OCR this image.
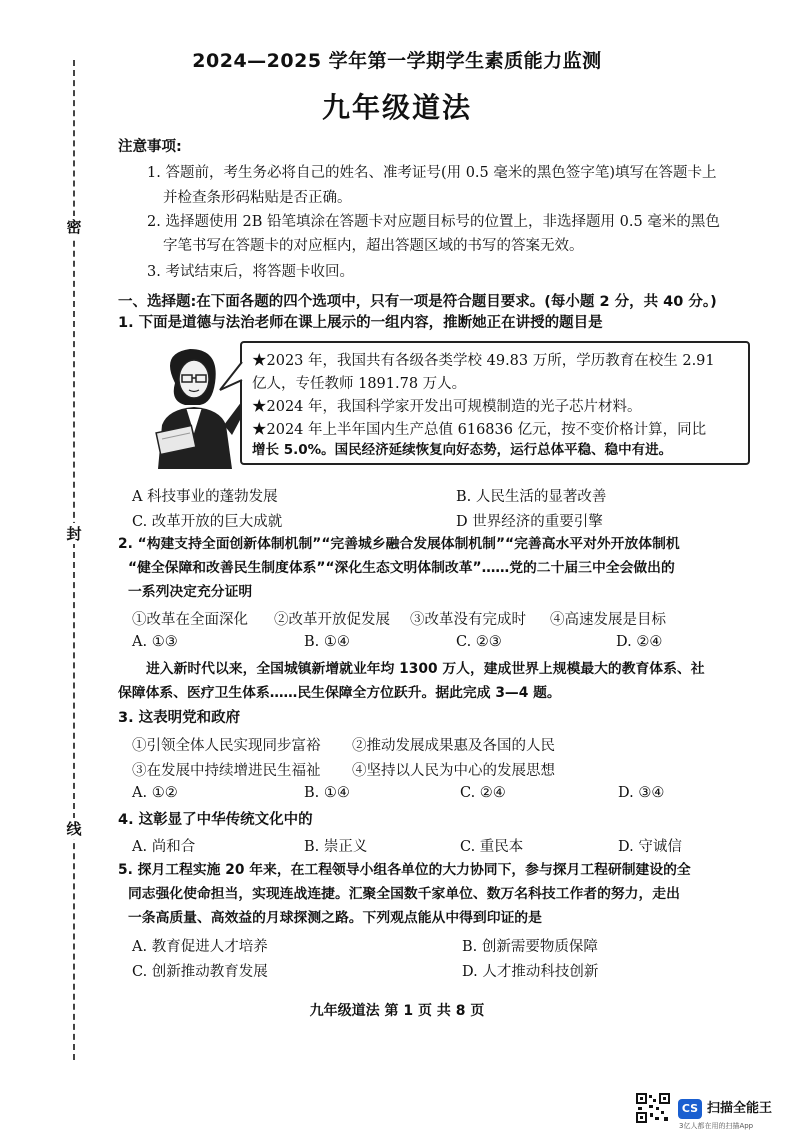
密
封
线
2024—2025 学年第一学期学生素质能力监测
九年级道法
注意事项:
1. 答题前，考生务必将自己的姓名、准考证号(用 0.5 毫米的黑色签字笔)填写在答题卡上
并检查条形码粘贴是否正确。
2. 选择题使用 2B 铅笔填涂在答题卡对应题目标号的位置上，非选择题用 0.5 毫米的黑色
字笔书写在答题卡的对应框内，超出答题区域的书写的答案无效。
3. 考试结束后，将答题卡收回。
一、选择题:在下面各题的四个选项中，只有一项是符合题目要求。(每小题 2 分，共 40 分。)
1. 下面是道德与法治老师在课上展示的一组内容，推断她正在讲授的题目是
★2023 年，我国共有各级各类学校 49.83 万所，学历教育在校生 2.91
亿人，专任教师 1891.78 万人。
★2024 年，我国科学家开发出可规模制造的光子芯片材料。
★2024 年上半年国内生产总值 616836 亿元，按不变价格计算，同比
增长 5.0%。国民经济延续恢复向好态势，运行总体平稳、稳中有进。
A 科技事业的蓬勃发展	B. 人民生活的显著改善
C. 改革开放的巨大成就	D 世界经济的重要引擎
2. “构建支持全面创新体制机制”“完善城乡融合发展体制机制”“完善高水平对外开放体制机
“健全保障和改善民生制度体系”“深化生态文明体制改革”……党的二十届三中全会做出的
一系列决定充分证明
①改革在全面深化 ②改革开放促发展 ③改革没有完成时 ④高速发展是目标
A. ①③	B. ①④	C. ②③	D. ②④
进入新时代以来，全国城镇新增就业年均 1300 万人，建成世界上规模最大的教育体系、社
保障体系、医疗卫生体系……民生保障全方位跃升。据此完成 3—4 题。
3. 这表明党和政府
①引领全体人民实现同步富裕 ②推动发展成果惠及各国的人民
③在发展中持续增进民生福祉 ④坚持以人民为中心的发展思想
A. ①②	B. ①④	C. ②④	D. ③④
4. 这彰显了中华传统文化中的
A. 尚和合	B. 崇正义	C. 重民本	D. 守诚信
5. 探月工程实施 20 年来，在工程领导小组各单位的大力协同下，参与探月工程研制建设的全
同志强化使命担当，实现连战连捷。汇聚全国数千家单位、数万名科技工作者的努力，走出
一条高质量、高效益的月球探测之路。下列观点能从中得到印证的是
A. 教育促进人才培养	B. 创新需要物质保障
C. 创新推动教育发展	D. 人才推动科技创新
九年级道法 第 1 页 共 8 页
CS 扫描全能王
3亿人都在用的扫描App
